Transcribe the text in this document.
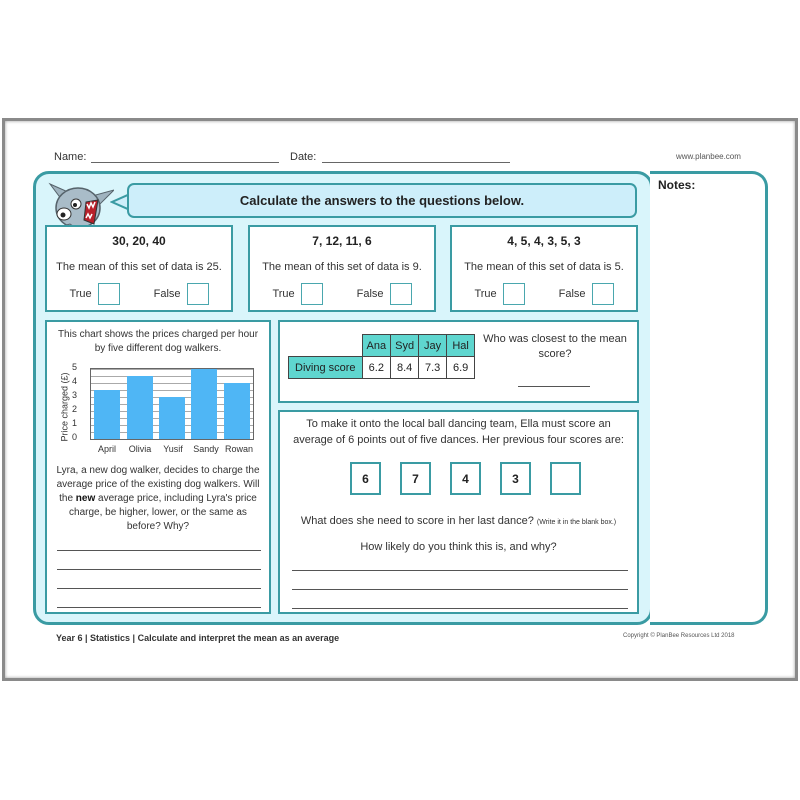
Name:	Date:	www.planbee.com
Notes:
Calculate the answers to the questions below.
30, 20, 40
The mean of this set of data is 25.
True	False
7, 12, 11, 6
The mean of this set of data is 9.
True	False
4, 5, 4, 3, 5, 3
The mean of this set of data is 5.
True	False
This chart shows the prices charged per hour by five different dog walkers.
Price charged (£)
5
4
3
2
1
0
April	Olivia	Yusif	Sandy Rowan
Lyra, a new dog walker, decides to charge the average price of the existing dog walkers. Will the new average price, including Lyra's price charge, be higher, lower, or the same as before? Why?
	Ana	Syd	Jay	Hal
Diving score	6.2	8.4	7.3	6.9
Who was closest to the mean score?
To make it onto the local ball dancing team, Ella must score an average of 6 points out of five dances. Her previous four scores are:
6	7	4	3
What does she need to score in her last dance? (Write it in the blank box.)
How likely do you think this is, and why?
Year 6 | Statistics | Calculate and interpret the mean as an average	Copyright © PlanBee Resources Ltd 2018
